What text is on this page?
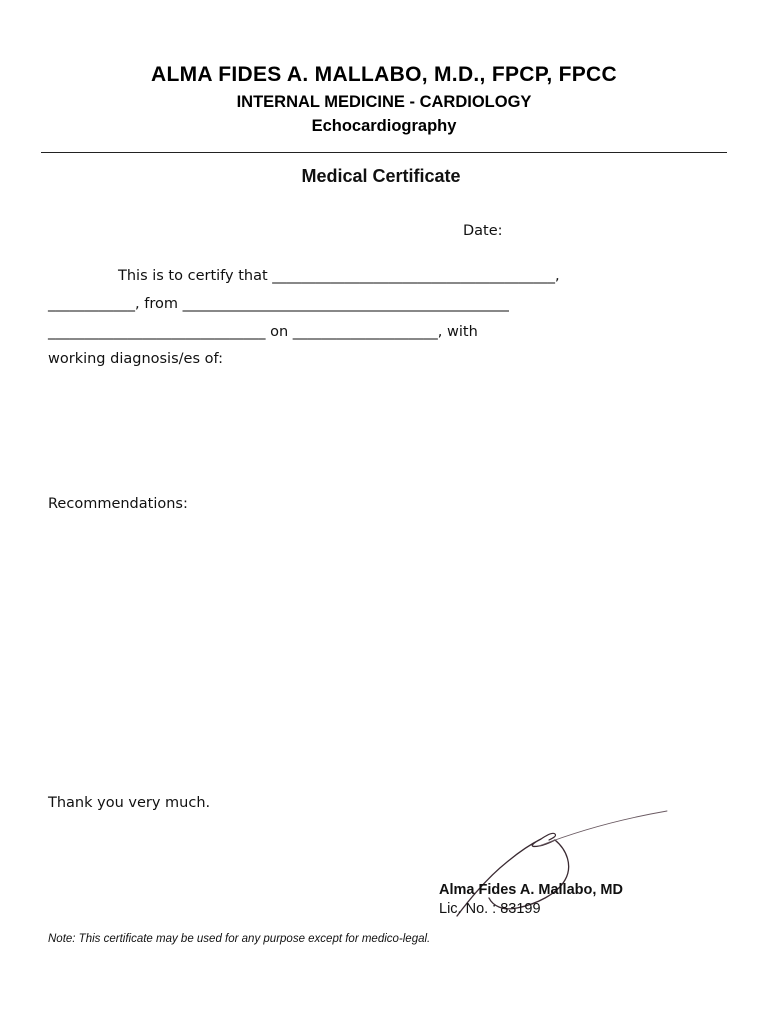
ALMA FIDES A. MALLABO, M.D., FPCP, FPCC
INTERNAL MEDICINE - CARDIOLOGY
Echocardiography
Medical Certificate
Date:
This is to certify that _______________________________________,
____________, from _____________________________________________
______________________________ on ____________________, with
working diagnosis/es of:
Recommendations:
Thank you very much.
Alma Fides A. Mallabo, MD
Lic. No. : 83199
Note: This certificate may be used for any purpose except for medico-legal.
